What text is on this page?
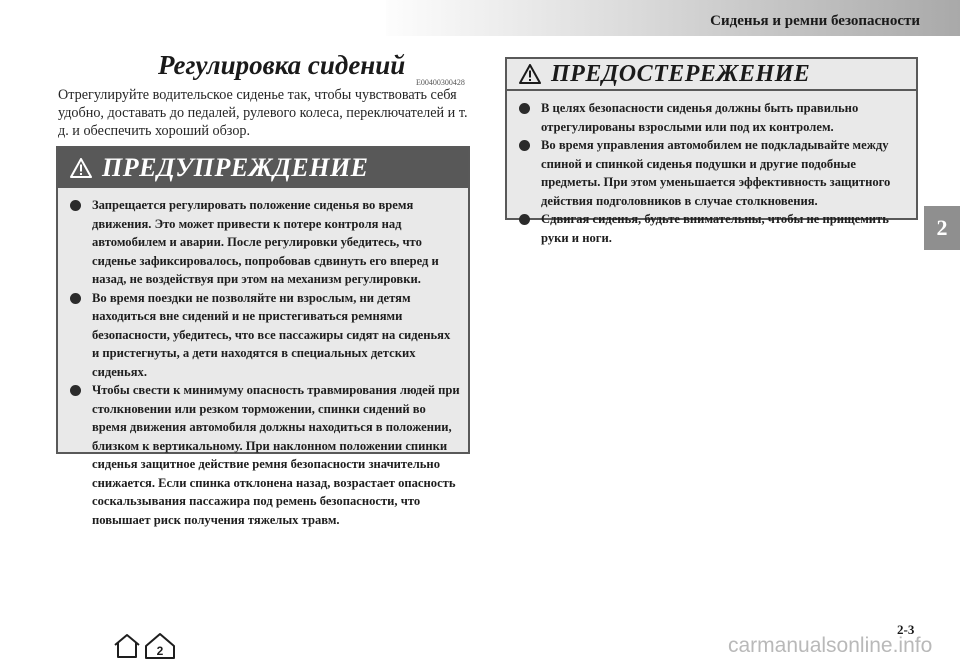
Сиденья и ремни безопасности
2
Регулировка сидений
E00400300428

Отрегулируйте водительское сиденье так, чтобы чувствовать себя удобно, доставать до педалей, рулевого колеса, переключателей и т. д. и обеспечить хороший обзор.

ПРЕДУПРЕЖДЕНИЕ
Запрещается регулировать положение сиденья во время движения. Это может привести к потере контроля над автомобилем и аварии. После регулировки убедитесь, что сиденье зафиксировалось, попробовав сдвинуть его вперед и назад, не воздействуя при этом на механизм регулировки.
Во время поездки не позволяйте ни взрослым, ни детям находиться вне сидений и не пристегиваться ремнями безопасности, убедитесь, что все пассажиры сидят на сиденьях и пристегнуты, а дети находятся в специальных детских сиденьях.
Чтобы свести к минимуму опасность травмирования людей при столкновении или резком торможении, спинки сидений во время движения автомобиля должны находиться в положении, близком к вертикальному. При наклонном положении спинки сиденья защитное действие ремня безопасности значительно снижается. Если спинка отклонена назад, возрастает опасность соскальзывания пассажира под ремень безопасности, что повышает риск получения тяжелых травм.
ПРЕДОСТЕРЕЖЕНИЕ
В целях безопасности сиденья должны быть правильно отрегулированы взрослыми или под их контролем.
Во время управления автомобилем не подкладывайте между спиной и спинкой сиденья подушки и другие подобные предметы. При этом уменьшается эффективность защитного действия подголовников в случае столкновения.
Сдвигая сиденья, будьте внимательны, чтобы не прищемить руки и ноги.
2-3
2	carmanualsonline.info
